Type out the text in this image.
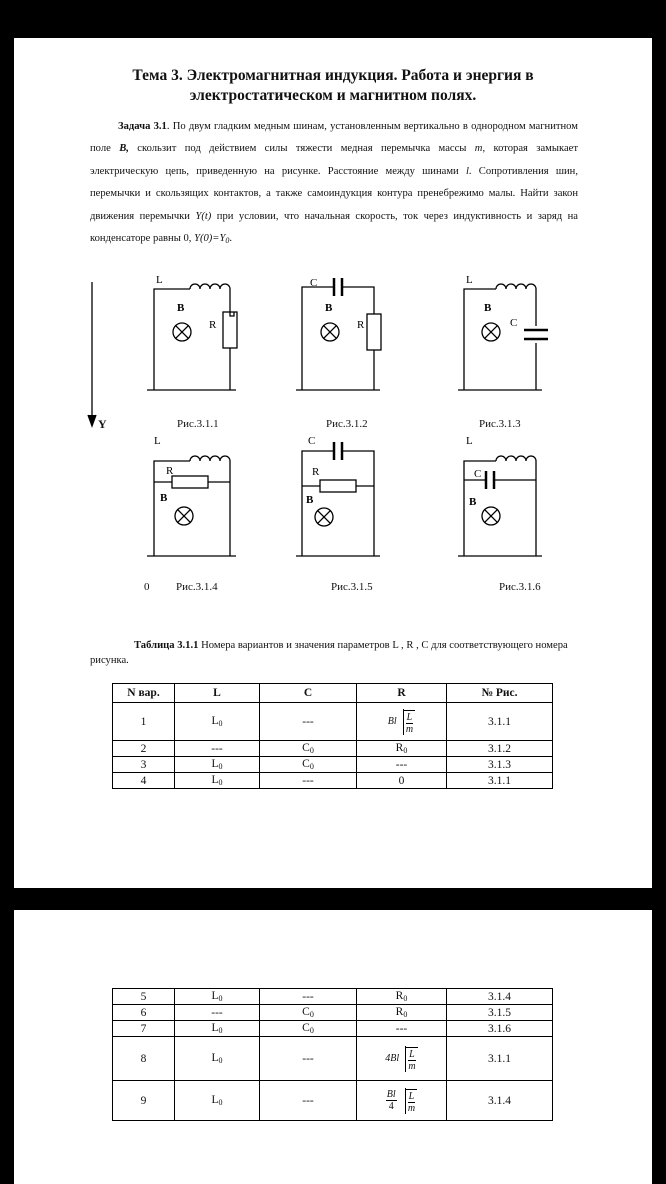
Тема 3. Электромагнитная индукция. Работа и энергия в
электростатическом и магнитном полях.
Задача 3.1. По двум гладким медным шинам, установленным вертикально в однородном магнитном поле B, скользит под действием силы тяжести медная перемычка массы m, которая замыкает электрическую цепь, приведенную на рисунке. Расстояние между шинами l. Сопротивления шин, перемычки и скользящих контактов, а также самоиндукция контура пренебрежимо малы. Найти закон движения перемычки Y(t) при условии, что начальная скорость, ток через индуктивность и заряд на конденсаторе равны 0, Y(0)=Y0.
L
R
B
C
R
B
L
C
B
L
R
B
C
R
B
L
C
B
Y
0
Рис.3.1.1	Рис.3.1.2	Рис.3.1.3
Рис.3.1.4	Рис.3.1.5	Рис.3.1.6
Таблица 3.1.1 Номера вариантов и значения параметров L , R , C для соответствующего номера рисунка.
N вар.	L	C	R	№ Рис.
1	L0	---	Bl $\frac{L}{m}$	3.1.1
2	---	C0	R0	3.1.2
3	L0	C0	---	3.1.3
4	L0	---	0	3.1.1
5	L0	---	R0	3.1.4
6	---	C0	R0	3.1.5
7	L0	C0	---	3.1.6
8	L0	---	$4Bl \frac{L}{m}$	3.1.1
9	L0	---	$\frac{Bl}{4} \frac{L}{m}$	3.1.4
